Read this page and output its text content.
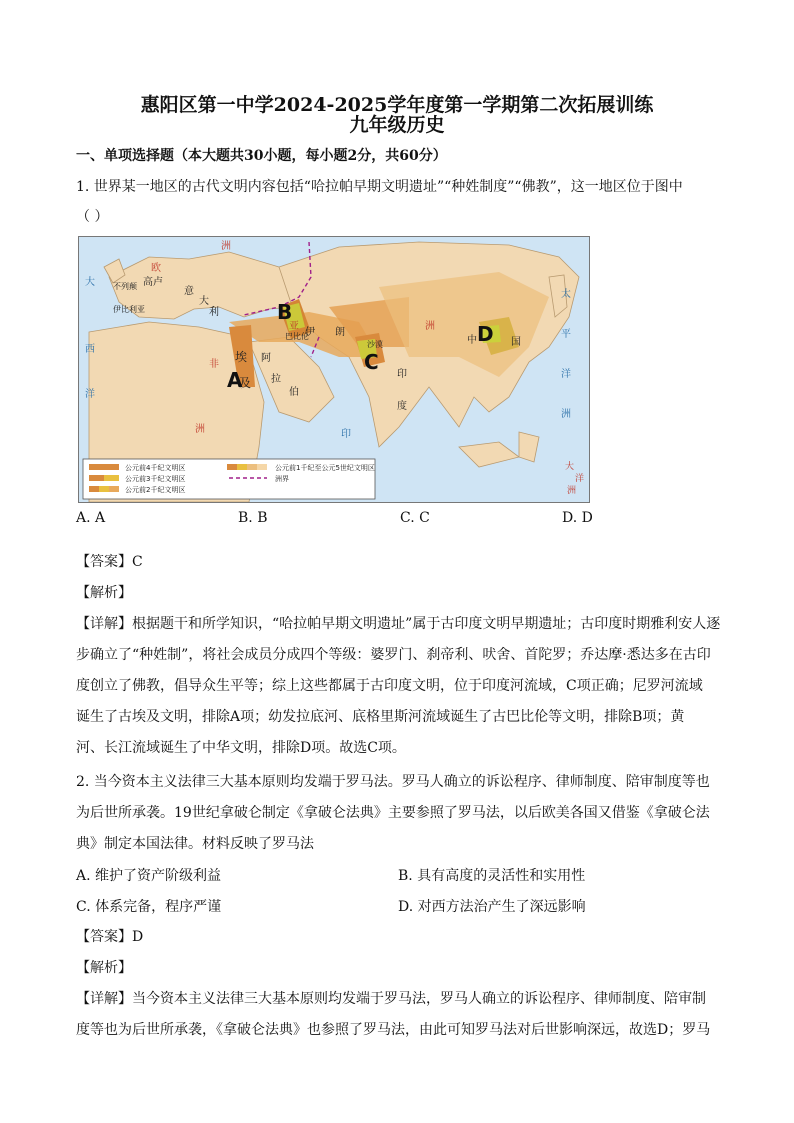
惠阳区第一中学2024-2025学年度第一学期第二次拓展训练
九年级历史
一、单项选择题（本大题共30小题，每小题2分，共60分）
1. 世界某一地区的古代文明内容包括“哈拉帕早期文明遗址”“种姓制度”“佛教”，这一地区位于图中
（ ）
A
B
C
D
不列颠 高卢
欧
意
大
利
伊比利亚
洲
巴比伦
伊 朗
亚	洲
沙漠
埃
及
非
阿
拉
伯
印
度
中	国
大
西
洋
洲
太
平
洋
洲
印
大
洋
洲
公元前4千纪文明区
公元前3千纪文明区
公元前2千纪文明区
公元前1千纪至公元5世纪文明区
洲界
A. A	B. B	C. C	D. D
【答案】C
【解析】
【详解】根据题干和所学知识，“哈拉帕早期文明遗址”属于古印度文明早期遗址；古印度时期雅利安人逐
步确立了“种姓制”，将社会成员分成四个等级：婆罗门、刹帝利、吠舍、首陀罗；乔达摩·悉达多在古印
度创立了佛教，倡导众生平等；综上这些都属于古印度文明，位于印度河流域，C项正确；尼罗河流域
诞生了古埃及文明，排除A项；幼发拉底河、底格里斯河流域诞生了古巴比伦等文明，排除B项；黄
河、长江流域诞生了中华文明，排除D项。故选C项。
2. 当今资本主义法律三大基本原则均发端于罗马法。罗马人确立的诉讼程序、律师制度、陪审制度等也
为后世所承袭。19世纪拿破仑制定《拿破仑法典》主要参照了罗马法，以后欧美各国又借鉴《拿破仑法
典》制定本国法律。材料反映了罗马法
A. 维护了资产阶级利益	B. 具有高度的灵活性和实用性
C. 体系完备，程序严谨	D. 对西方法治产生了深远影响
【答案】D
【解析】
【详解】当今资本主义法律三大基本原则均发端于罗马法，罗马人确立的诉讼程序、律师制度、陪审制
度等也为后世所承袭，《拿破仑法典》也参照了罗马法，由此可知罗马法对后世影响深远，故选D；罗马
